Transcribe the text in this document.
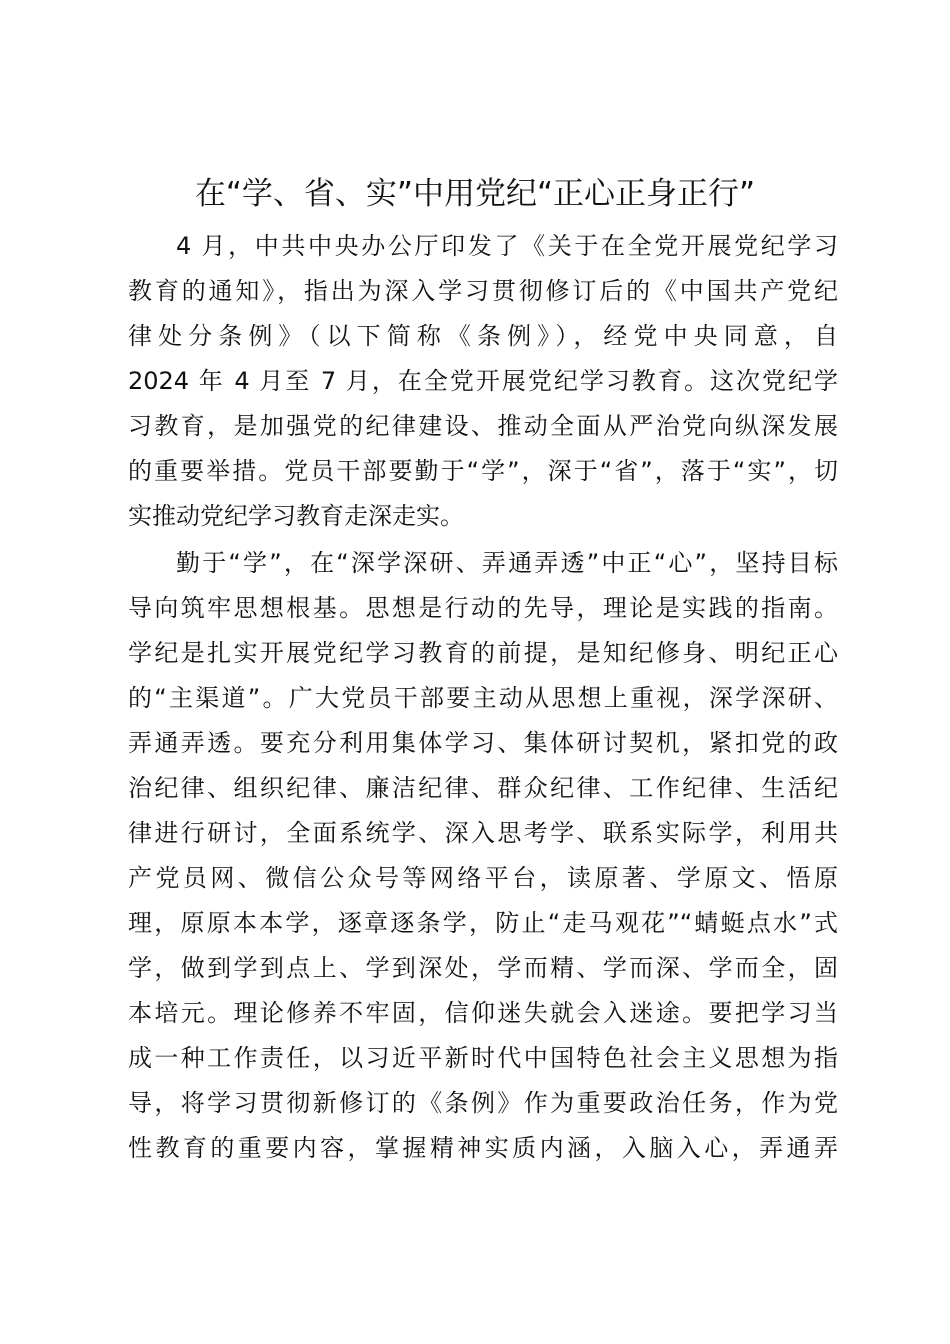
在“学、省、实”中用党纪“正心正身正行”
4 月，中共中央办公厅印发了《关于在全党开展党纪学习
教育的通知》，指出为深入学习贯彻修订后的《中国共产党纪
律处分条例》（以下简称《条例》），经党中央同意，自
2024 年 4 月至 7 月，在全党开展党纪学习教育。这次党纪学
习教育，是加强党的纪律建设、推动全面从严治党向纵深发展
的重要举措。党员干部要勤于“学”，深于“省”，落于“实”，切
实推动党纪学习教育走深走实。
勤于“学”，在“深学深研、弄通弄透”中正“心”，坚持目标
导向筑牢思想根基。思想是行动的先导，理论是实践的指南。
学纪是扎实开展党纪学习教育的前提，是知纪修身、明纪正心
的“主渠道”。广大党员干部要主动从思想上重视，深学深研、
弄通弄透。要充分利用集体学习、集体研讨契机，紧扣党的政
治纪律、组织纪律、廉洁纪律、群众纪律、工作纪律、生活纪
律进行研讨，全面系统学、深入思考学、联系实际学，利用共
产党员网、微信公众号等网络平台，读原著、学原文、悟原
理，原原本本学，逐章逐条学，防止“走马观花”“蜻蜓点水”式
学，做到学到点上、学到深处，学而精、学而深、学而全，固
本培元。理论修养不牢固，信仰迷失就会入迷途。要把学习当
成一种工作责任，以习近平新时代中国特色社会主义思想为指
导，将学习贯彻新修订的《条例》作为重要政治任务，作为党
性教育的重要内容，掌握精神实质内涵，入脑入心，弄通弄
